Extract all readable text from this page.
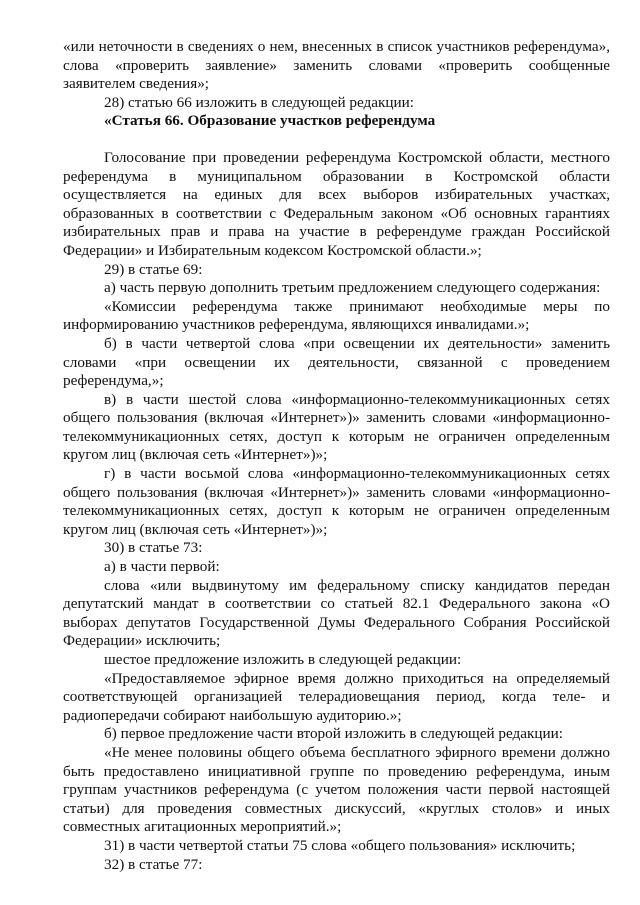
«или неточности в сведениях о нем, внесенных в список участников референдума», слова «проверить заявление» заменить словами «проверить сообщенные заявителем сведения»;

28) статью 66 изложить в следующей редакции:

«Статья 66. Образование участков референдума

Голосование при проведении референдума Костромской области, местного референдума в муниципальном образовании в Костромской области осуществляется на единых для всех выборов избирательных участках, образованных в соответствии с Федеральным законом «Об основных гарантиях избирательных прав и права на участие в референдуме граждан Российской Федерации» и Избирательным кодексом Костромской области.»;

29) в статье 69:

а) часть первую дополнить третьим предложением следующего содержания:

«Комиссии референдума также принимают необходимые меры по информированию участников референдума, являющихся инвалидами.»;

б) в части четвертой слова «при освещении их деятельности» заменить словами «при освещении их деятельности, связанной с проведением референдума,»;

в) в части шестой слова «информационно-телекоммуникационных сетях общего пользования (включая «Интернет»)» заменить словами «информационно-телекоммуникационных сетях, доступ к которым не ограничен определенным кругом лиц (включая сеть «Интернет»)»;

г) в части восьмой слова «информационно-телекоммуникационных сетях общего пользования (включая «Интернет»)» заменить словами «информационно-телекоммуникационных сетях, доступ к которым не ограничен определенным кругом лиц (включая сеть «Интернет»)»;

30) в статье 73:

а) в части первой:

слова «или выдвинутому им федеральному списку кандидатов передан депутатский мандат в соответствии со статьей 82.1 Федерального закона «О выборах депутатов Государственной Думы Федерального Собрания Российской Федерации» исключить;

шестое предложение изложить в следующей редакции:

«Предоставляемое эфирное время должно приходиться на определяемый соответствующей организацией телерадиовещания период, когда теле- и радиопередачи собирают наибольшую аудиторию.»;

б) первое предложение части второй изложить в следующей редакции:

«Не менее половины общего объема бесплатного эфирного времени должно быть предоставлено инициативной группе по проведению референдума, иным группам участников референдума (с учетом положения части первой настоящей статьи) для проведения совместных дискуссий, «круглых столов» и иных совместных агитационных мероприятий.»;

31) в части четвертой статьи 75 слова «общего пользования» исключить;

32) в статье 77:
